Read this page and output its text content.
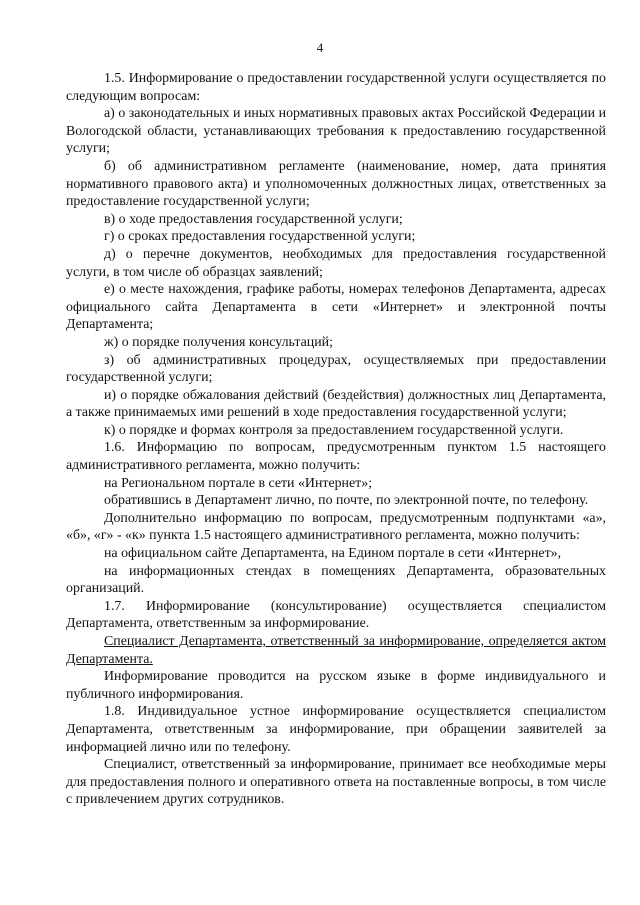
4

1.5. Информирование о предоставлении государственной услуги осуществляется по следующим вопросам:

а) о законодательных и иных нормативных правовых актах Российской Федерации и Вологодской области, устанавливающих требования к предоставлению государственной услуги;

б) об административном регламенте (наименование, номер, дата принятия нормативного правового акта) и уполномоченных должностных лицах, ответственных за предоставление государственной услуги;

в) о ходе предоставления государственной услуги;

г) о сроках предоставления государственной услуги;

д) о перечне документов, необходимых для предоставления государственной услуги, в том числе об образцах заявлений;

е) о месте нахождения, графике работы, номерах телефонов Департамента, адресах официального сайта Департамента в сети «Интернет» и электронной почты Департамента;

ж) о порядке получения консультаций;

з) об административных процедурах, осуществляемых при предоставлении государственной услуги;

и) о порядке обжалования действий (бездействия) должностных лиц Департамента, а также принимаемых ими решений в ходе предоставления государственной услуги;

к) о порядке и формах контроля за предоставлением государственной услуги.

1.6. Информацию по вопросам, предусмотренным пунктом 1.5 настоящего административного регламента, можно получить:

на Региональном портале в сети «Интернет»;

обратившись в Департамент лично, по почте, по электронной почте, по телефону.

Дополнительно информацию по вопросам, предусмотренным подпунктами «а», «б», «г» - «к» пункта 1.5 настоящего административного регламента, можно получить:

на официальном сайте Департамента, на Едином портале в сети «Интернет»,

на информационных стендах в помещениях Департамента, образовательных организаций.

1.7. Информирование (консультирование) осуществляется специалистом Департамента, ответственным за информирование.

Специалист Департамента, ответственный за информирование, определяется актом Департамента.

Информирование проводится на русском языке в форме индивидуального и публичного информирования.

1.8. Индивидуальное устное информирование осуществляется специалистом Департамента, ответственным за информирование, при обращении заявителей за информацией лично или по телефону.

Специалист, ответственный за информирование, принимает все необходимые меры для предоставления полного и оперативного ответа на поставленные вопросы, в том числе с привлечением других сотрудников.
